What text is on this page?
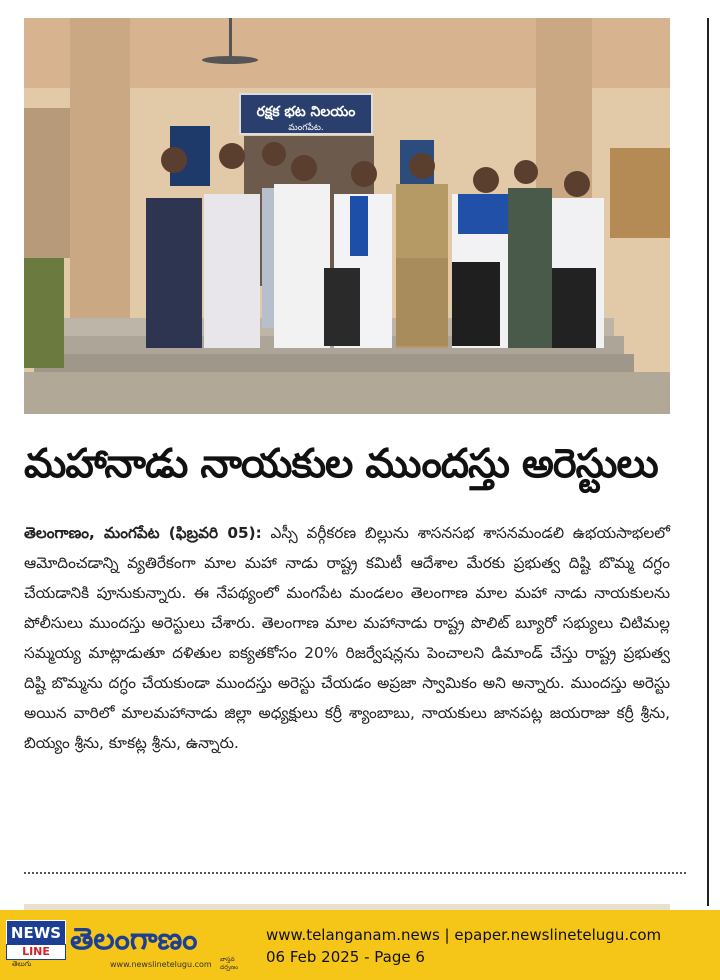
రక్షక భట నిలయం
మంగపేట.
మహానాడు నాయకుల ముందస్తు అరెస్టులు
తెలంగాణం, మంగపేట (ఫిబ్రవరి 05): ఎస్సీ వర్గీకరణ బిల్లును శాసనసభ శాసనమండలి ఉభయసాభలలో ఆమోదించడాన్ని వ్యతిరేకంగా మాల మహా నాడు రాష్ట్ర కమిటీ ఆదేశాల మేరకు ప్రభుత్వ దిష్టి బొమ్మ దగ్ధం చేయడానికి పూనుకున్నారు. ఈ నేపథ్యంలో మంగపేట మండలం తెలంగాణ మాల మహా నాడు నాయకులను పోలీసులు ముందస్తు అరెస్టులు చేశారు. తెలంగాణ మాల మహానాడు రాష్ట్ర పొలిట్ బ్యూరో సభ్యులు చిటిమల్ల సమ్మయ్య మాట్లాడుతూ దళితుల ఐక్యతకోసం 20% రిజర్వేషన్లను పెంచాలని డిమాండ్ చేస్తు రాష్ట్ర ప్రభుత్వ దిష్టి బొమ్మను దగ్ధం చేయకుండా ముందస్తు అరెస్టు చేయడం అప్రజా స్వామికం అని అన్నారు. ముందస్తు అరెస్టు అయిన వారిలో మాలమహానాడు జిల్లా అధ్యక్షులు కర్రీ శ్యాంబాబు, నాయకులు జానపట్ల జయరాజు కర్రీ శ్రీను, బియ్యం శ్రీను, కూకట్ల శ్రీను, ఉన్నారు.
NEWS
LINE
తెలుగు
తెలంగాణం
www.newslinetelugu.com
వాస్తవ దర్పణం
www.telanganam.news | epaper.newslinetelugu.com
06 Feb 2025 - Page 6
